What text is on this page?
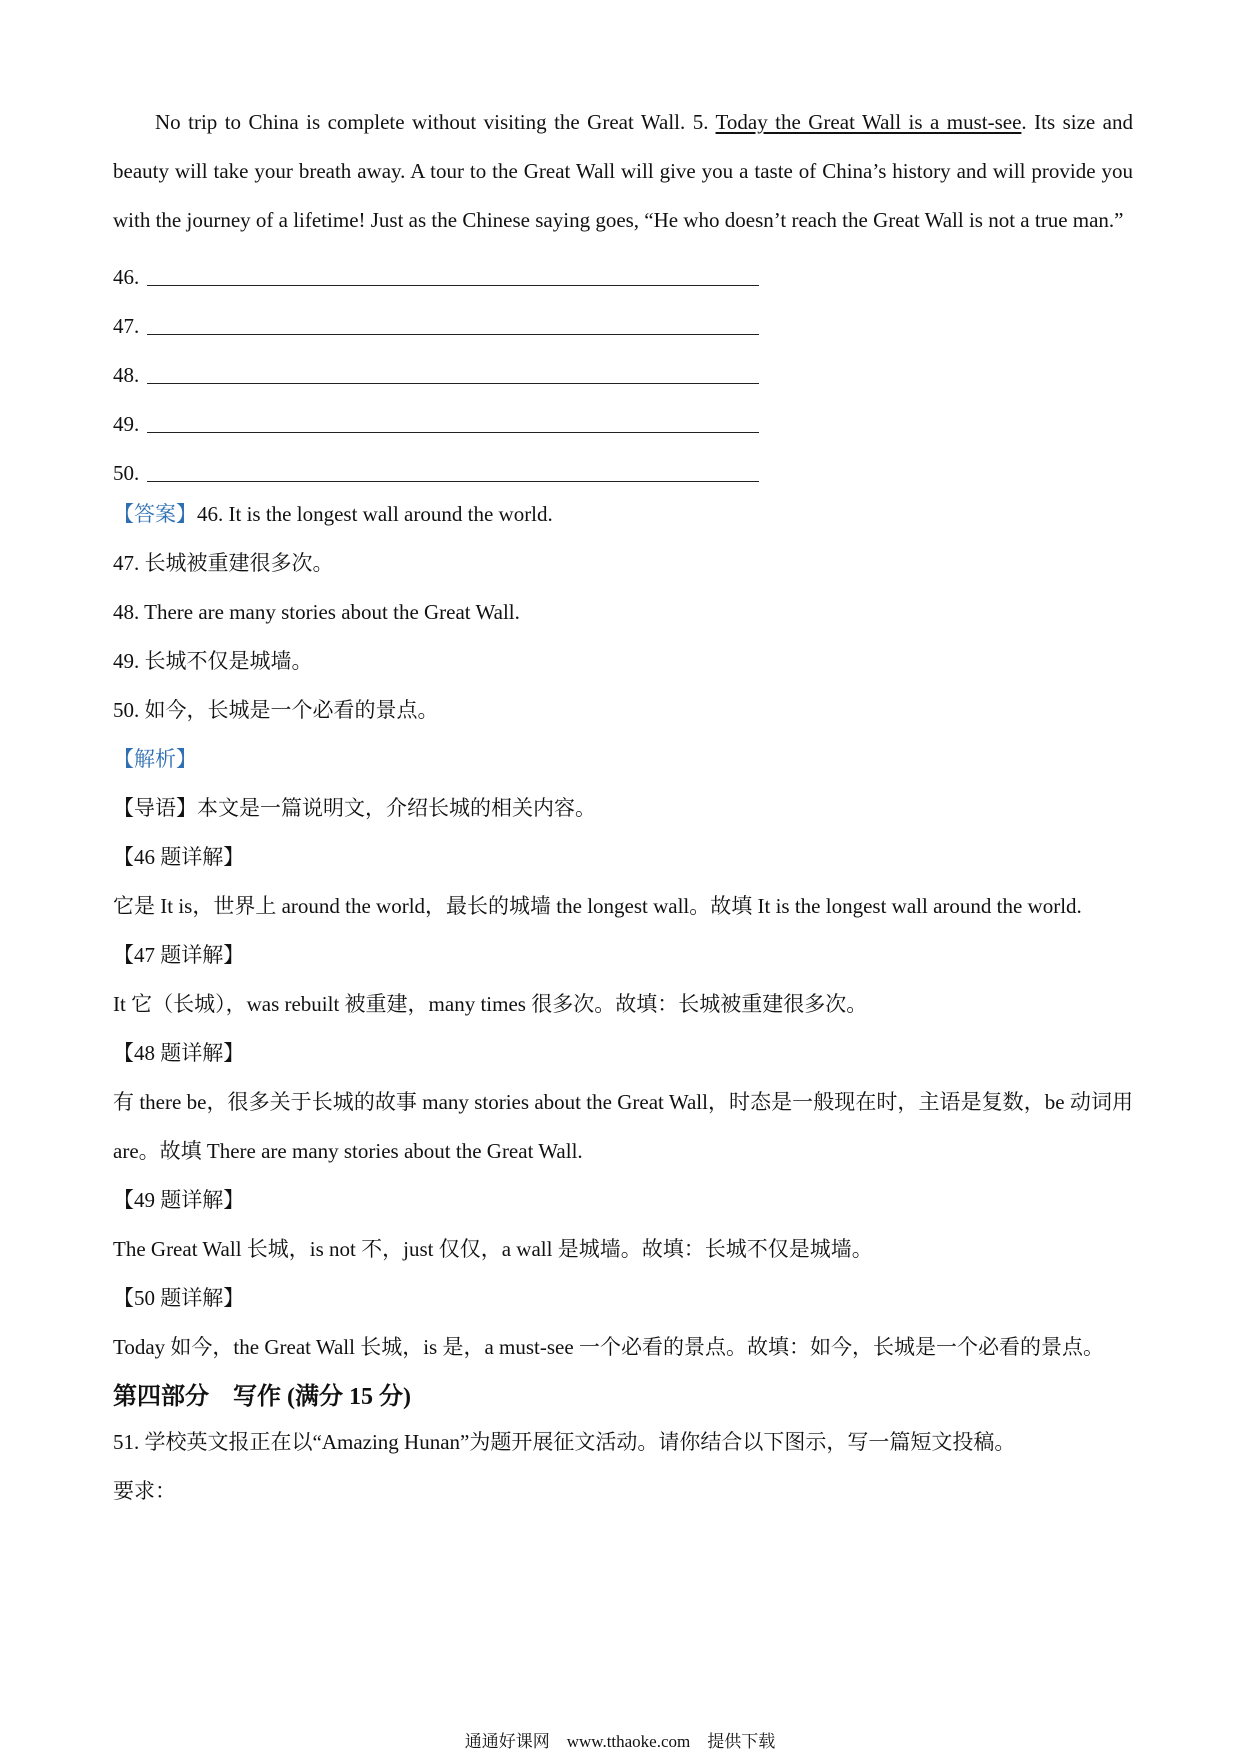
No trip to China is complete without visiting the Great Wall. 5. Today the Great Wall is a must-see. Its size and beauty will take your breath away. A tour to the Great Wall will give you a taste of China’s history and will provide you with the journey of a lifetime! Just as the Chinese saying goes, “He who doesn’t reach the Great Wall is not a true man.”

46.
47.
48.
49.
50.

【答案】46. It is the longest wall around the world.

47. 长城被重建很多次。

48. There are many stories about the Great Wall.

49. 长城不仅是城墙。

50. 如今，长城是一个必看的景点。

【解析】

【导语】本文是一篇说明文，介绍长城的相关内容。

【46 题详解】

它是 It is，世界上 around the world，最长的城墙 the longest wall。故填 It is the longest wall around the world.

【47 题详解】

It 它（长城），was rebuilt 被重建，many times 很多次。故填：长城被重建很多次。

【48 题详解】

有 there be，很多关于长城的故事 many stories about the Great Wall，时态是一般现在时，主语是复数，be 动词用 are。故填 There are many stories about the Great Wall.

【49 题详解】

The Great Wall 长城，is not 不，just 仅仅，a wall 是城墙。故填：长城不仅是城墙。

【50 题详解】

Today 如今，the Great Wall 长城，is 是，a must-see 一个必看的景点。故填：如今，长城是一个必看的景点。

第四部分　写作 (满分 15 分)

51. 学校英文报正在以“Amazing Hunan”为题开展征文活动。请你结合以下图示，写一篇短文投稿。

要求：

通通好课网　www.tthaoke.com　提供下载
